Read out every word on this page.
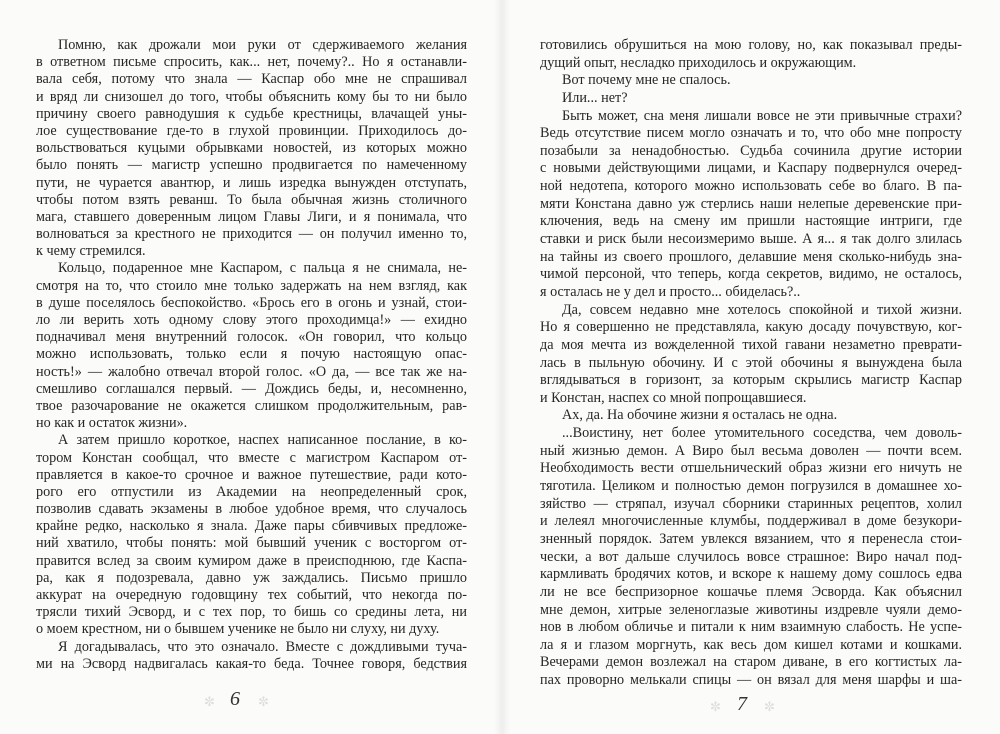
Помню, как дрожали мои руки от сдерживаемого желания
в ответном письме спросить, как... нет, почему?.. Но я останавли-
вала себя, потому что знала — Каспар обо мне не спрашивал
и вряд ли снизошел до того, чтобы объяснить кому бы то ни было
причину своего равнодушия к судьбе крестницы, влачащей уны-
лое существование где-то в глухой провинции. Приходилось до-
вольствоваться куцыми обрывками новостей, из которых можно
было понять — магистр успешно продвигается по намеченному
пути, не чурается авантюр, и лишь изредка вынужден отступать,
чтобы потом взять реванш. То была обычная жизнь столичного
мага, ставшего доверенным лицом Главы Лиги, и я понимала, что
волноваться за крестного не приходится — он получил именно то,
к чему стремился.
Кольцо, подаренное мне Каспаром, с пальца я не снимала, не-
смотря на то, что стоило мне только задержать на нем взгляд, как
в душе поселялось беспокойство. «Брось его в огонь и узнай, стои-
ло ли верить хоть одному слову этого проходимца!» — ехидно
подначивал меня внутренний голосок. «Он говорил, что кольцо
можно использовать, только если я почую настоящую опас-
ность!» — жалобно отвечал второй голос. «О да, — все так же на-
смешливо соглашался первый. — Дождись беды, и, несомненно,
твое разочарование не окажется слишком продолжительным, рав-
но как и остаток жизни».
А затем пришло короткое, наспех написанное послание, в ко-
тором Констан сообщал, что вместе с магистром Каспаром от-
правляется в какое-то срочное и важное путешествие, ради кото-
рого его отпустили из Академии на неопределенный срок,
позволив сдавать экзамены в любое удобное время, что случалось
крайне редко, насколько я знала. Даже пары сбивчивых предложе-
ний хватило, чтобы понять: мой бывший ученик с восторгом от-
правится вслед за своим кумиром даже в преисподнюю, где Каспа-
ра, как я подозревала, давно уж заждались. Письмо пришло
аккурат на очередную годовщину тех событий, что некогда по-
трясли тихий Эсворд, и с тех пор, то бишь со средины лета, ни
о моем крестном, ни о бывшем ученике не было ни слуху, ни духу.
Я догадывалась, что это означало. Вместе с дождливыми туча-
ми на Эсворд надвигалась какая-то беда. Точнее говоря, бедствия
готовились обрушиться на мою голову, но, как показывал преды-
дущий опыт, несладко приходилось и окружающим.
Вот почему мне не спалось.
Или... нет?
Быть может, сна меня лишали вовсе не эти привычные страхи?
Ведь отсутствие писем могло означать и то, что обо мне попросту
позабыли за ненадобностью. Судьба сочинила другие истории
с новыми действующими лицами, и Каспару подвернулся очеред-
ной недотепа, которого можно использовать себе во благо. В па-
мяти Констана давно уж стерлись наши нелепые деревенские при-
ключения, ведь на смену им пришли настоящие интриги, где
ставки и риск были несоизмеримо выше. А я... я так долго злилась
на тайны из своего прошлого, делавшие меня сколько-нибудь зна-
чимой персоной, что теперь, когда секретов, видимо, не осталось,
я осталась не у дел и просто... обиделась?..
Да, совсем недавно мне хотелось спокойной и тихой жизни.
Но я совершенно не представляла, какую досаду почувствую, ког-
да моя мечта из вожделенной тихой гавани незаметно преврати-
лась в пыльную обочину. И с этой обочины я вынуждена была
вглядываться в горизонт, за которым скрылись магистр Каспар
и Констан, наспех со мной попрощавшиеся.
Ах, да. На обочине жизни я осталась не одна.
...Воистину, нет более утомительного соседства, чем доволь-
ный жизнью демон. А Виро был весьма доволен — почти всем.
Необходимость вести отшельнический образ жизни его ничуть не
тяготила. Целиком и полностью демон погрузился в домашнее хо-
зяйство — стряпал, изучал сборники старинных рецептов, холил
и лелеял многочисленные клумбы, поддерживал в доме безукори-
зненный порядок. Затем увлекся вязанием, что я перенесла стои-
чески, а вот дальше случилось вовсе страшное: Виро начал под-
кармливать бродячих котов, и вскоре к нашему дому сошлось едва
ли не все беспризорное кошачье племя Эсворда. Как объяснил
мне демон, хитрые зеленоглазые животины издревле чуяли демо-
нов в любом обличье и питали к ним взаимную слабость. Не успе-
ла я и глазом моргнуть, как весь дом кишел котами и кошками.
Вечерами демон возлежал на старом диване, в его когтистых ла-
пах проворно мелькали спицы — он вязал для меня шарфы и ша-
✼ 6 ✼	✼ 7 ✼
